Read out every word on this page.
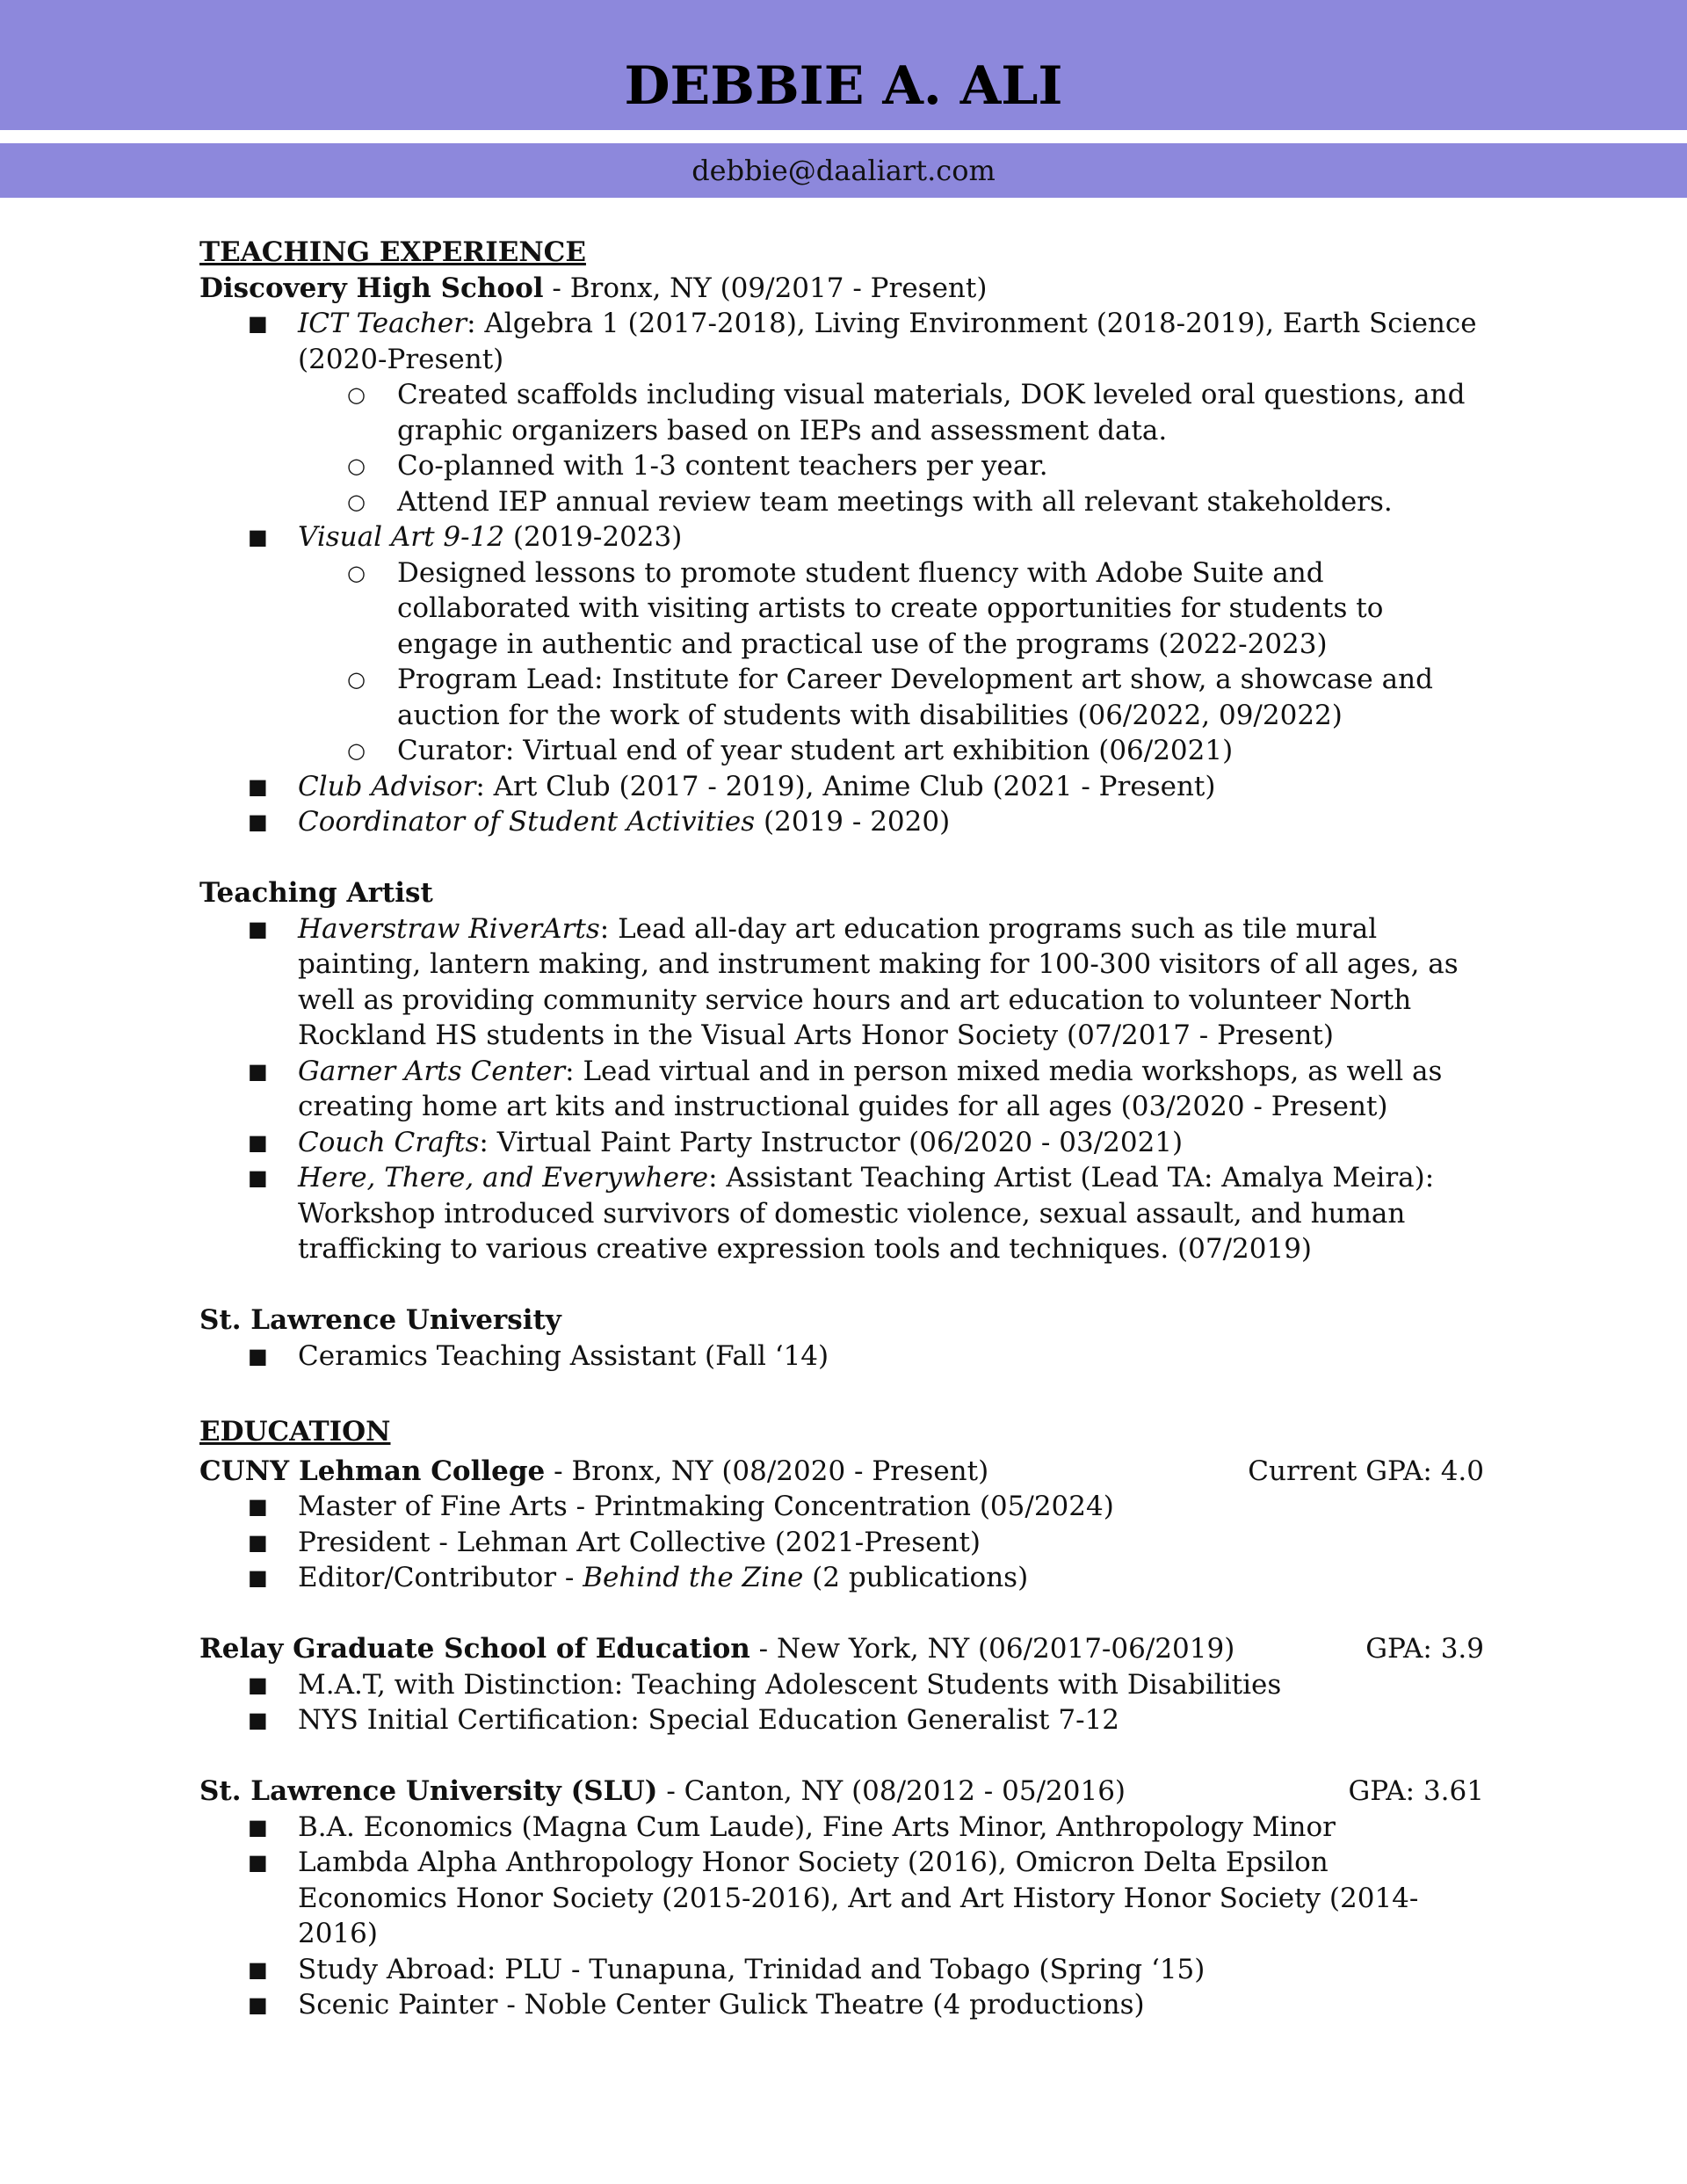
DEBBIE A. ALI
debbie@daaliart.com
TEACHING EXPERIENCE
Discovery High School - Bronx, NY (09/2017 - Present)
■ ICT Teacher: Algebra 1 (2017-2018), Living Environment (2018-2019), Earth Science (2020-Present)
○ Created scaffolds including visual materials, DOK leveled oral questions, and graphic organizers based on IEPs and assessment data.
○ Co-planned with 1-3 content teachers per year.
○ Attend IEP annual review team meetings with all relevant stakeholders.
■ Visual Art 9-12 (2019-2023)
○ Designed lessons to promote student fluency with Adobe Suite and collaborated with visiting artists to create opportunities for students to engage in authentic and practical use of the programs (2022-2023)
○ Program Lead: Institute for Career Development art show, a showcase and auction for the work of students with disabilities (06/2022, 09/2022)
○ Curator: Virtual end of year student art exhibition (06/2021)
■ Club Advisor: Art Club (2017 - 2019), Anime Club (2021 - Present)
■ Coordinator of Student Activities (2019 - 2020)
Teaching Artist
■ Haverstraw RiverArts: Lead all-day art education programs such as tile mural painting, lantern making, and instrument making for 100-300 visitors of all ages, as well as providing community service hours and art education to volunteer North Rockland HS students in the Visual Arts Honor Society (07/2017 - Present)
■ Garner Arts Center: Lead virtual and in person mixed media workshops, as well as creating home art kits and instructional guides for all ages (03/2020 - Present)
■ Couch Crafts: Virtual Paint Party Instructor (06/2020 - 03/2021)
■ Here, There, and Everywhere: Assistant Teaching Artist (Lead TA: Amalya Meira): Workshop introduced survivors of domestic violence, sexual assault, and human trafficking to various creative expression tools and techniques. (07/2019)
St. Lawrence University
■ Ceramics Teaching Assistant (Fall ‘14)
EDUCATION
CUNY Lehman College - Bronx, NY (08/2020 - Present)	Current GPA: 4.0
■ Master of Fine Arts - Printmaking Concentration (05/2024)
■ President - Lehman Art Collective (2021-Present)
■ Editor/Contributor - Behind the Zine (2 publications)
Relay Graduate School of Education - New York, NY (06/2017-06/2019)	GPA: 3.9
■ M.A.T, with Distinction: Teaching Adolescent Students with Disabilities
■ NYS Initial Certification: Special Education Generalist 7-12
St. Lawrence University (SLU) - Canton, NY (08/2012 - 05/2016)	GPA: 3.61
■ B.A. Economics (Magna Cum Laude), Fine Arts Minor, Anthropology Minor
■ Lambda Alpha Anthropology Honor Society (2016), Omicron Delta Epsilon Economics Honor Society (2015-2016), Art and Art History Honor Society (2014-2016)
■ Study Abroad: PLU - Tunapuna, Trinidad and Tobago (Spring ‘15)
■ Scenic Painter - Noble Center Gulick Theatre (4 productions)
